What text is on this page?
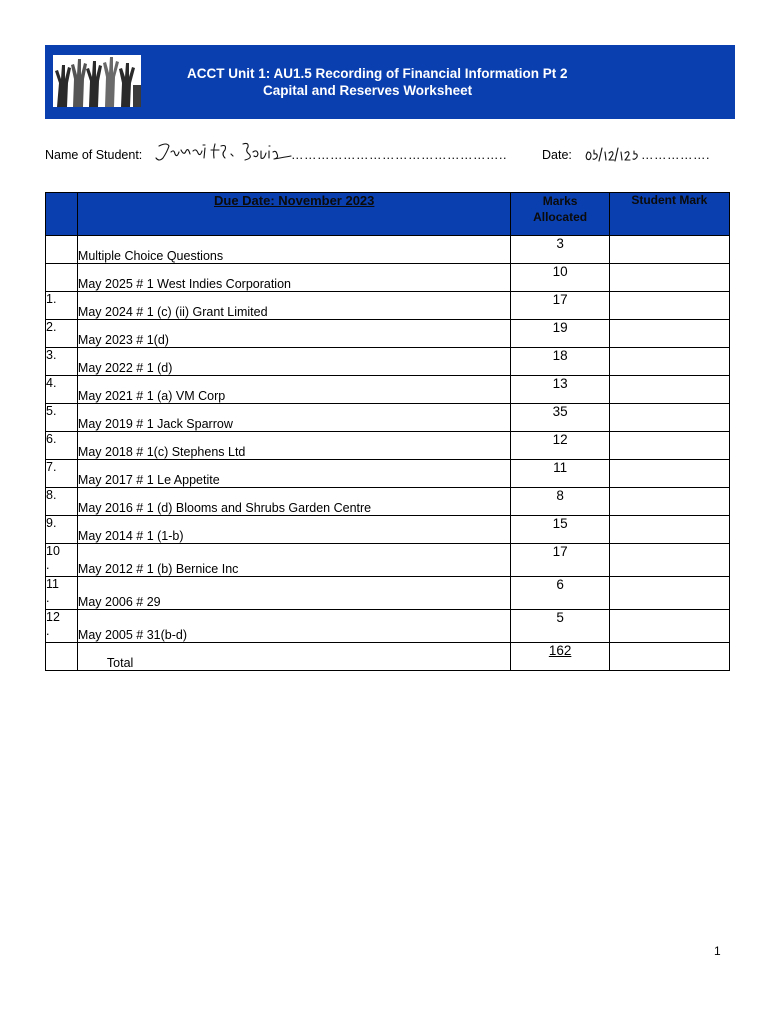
ACCT Unit 1: AU1.5 Recording of Financial Information Pt 2
Capital and Reserves Worksheet
Name of Student:	…………………………………………..	Date:	…………….
	Due Date: November 2023	Marks
Allocated	Student Mark
	Multiple Choice Questions	3	
	May 2025 # 1 West Indies Corporation	10	
1.	May 2024 # 1 (c) (ii) Grant Limited	17	
2.	May 2023 # 1(d)	19	
3.	May 2022 # 1 (d)	18	
4.	May 2021 # 1 (a) VM Corp	13	
5.	May 2019 # 1 Jack Sparrow	35	
6.	May 2018 # 1(c) Stephens Ltd	12	
7.	May 2017 # 1 Le Appetite	11	
8.	May 2016 # 1 (d) Blooms and Shrubs Garden Centre	8	
9.	May 2014 # 1 (1-b)	15	
10
.	May 2012 # 1 (b) Bernice Inc	17	
11
.	May 2006 # 29	6	
12
.	May 2005 # 31(b-d)	5	
	Total	162	
1
